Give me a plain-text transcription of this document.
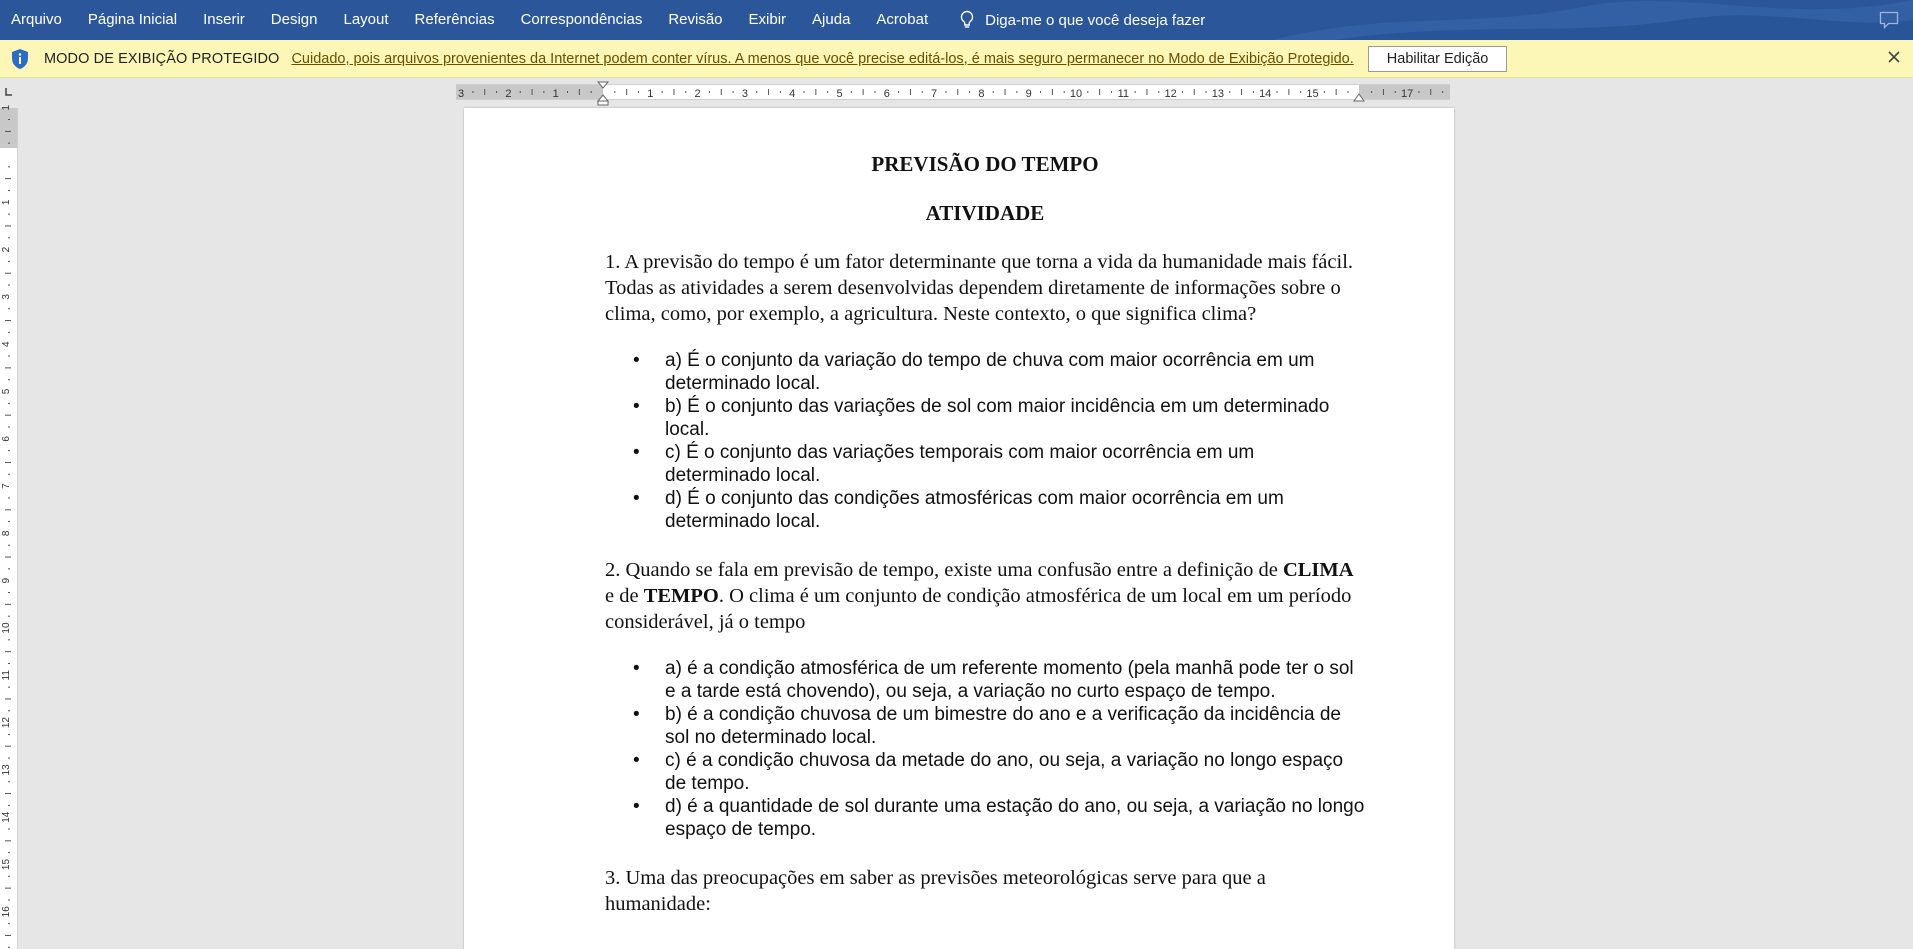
Arquivo	Página Inicial	Inserir	Design	Layout	Referências	Correspondências	Revisão	Exibir	Ajuda	Acrobat	Diga-me o que você deseja fazer
MODO DE EXIBIÇÃO PROTEGIDO Cuidado, pois arquivos provenientes da Internet podem conter vírus. A menos que você precise editá-los, é mais seguro permanecer no Modo de Exibição Protegido.	Habilitar Edição
3	2	1	1	2	3	4	5	6	7	8	9	10	11	12	13	14	15	17
1
1
2
3
4
5
6
7
8
9
10
11
12
13
14
15
16
PREVISÃO DO TEMPO
ATIVIDADE

1. A previsão do tempo é um fator determinante que torna a vida da humanidade mais fácil. Todas as atividades a serem desenvolvidas dependem diretamente de informações sobre o clima, como, por exemplo, a agricultura. Neste contexto, o que significa clima?

• a) É o conjunto da variação do tempo de chuva com maior ocorrência em um determinado local.
• b) É o conjunto das variações de sol com maior incidência em um determinado local.
• c) É o conjunto das variações temporais com maior ocorrência em um determinado local.
• d) É o conjunto das condições atmosféricas com maior ocorrência em um determinado local.

2. Quando se fala em previsão de tempo, existe uma confusão entre a definição de CLIMA e de TEMPO. O clima é um conjunto de condição atmosférica de um local em um período considerável, já o tempo

• a) é a condição atmosférica de um referente momento (pela manhã pode ter o sol e a tarde está chovendo), ou seja, a variação no curto espaço de tempo.
• b) é a condição chuvosa de um bimestre do ano e a verificação da incidência de sol no determinado local.
• c) é a condição chuvosa da metade do ano, ou seja, a variação no longo espaço de tempo.
• d) é a quantidade de sol durante uma estação do ano, ou seja, a variação no longo espaço de tempo.

3. Uma das preocupações em saber as previsões meteorológicas serve para que a humanidade:
